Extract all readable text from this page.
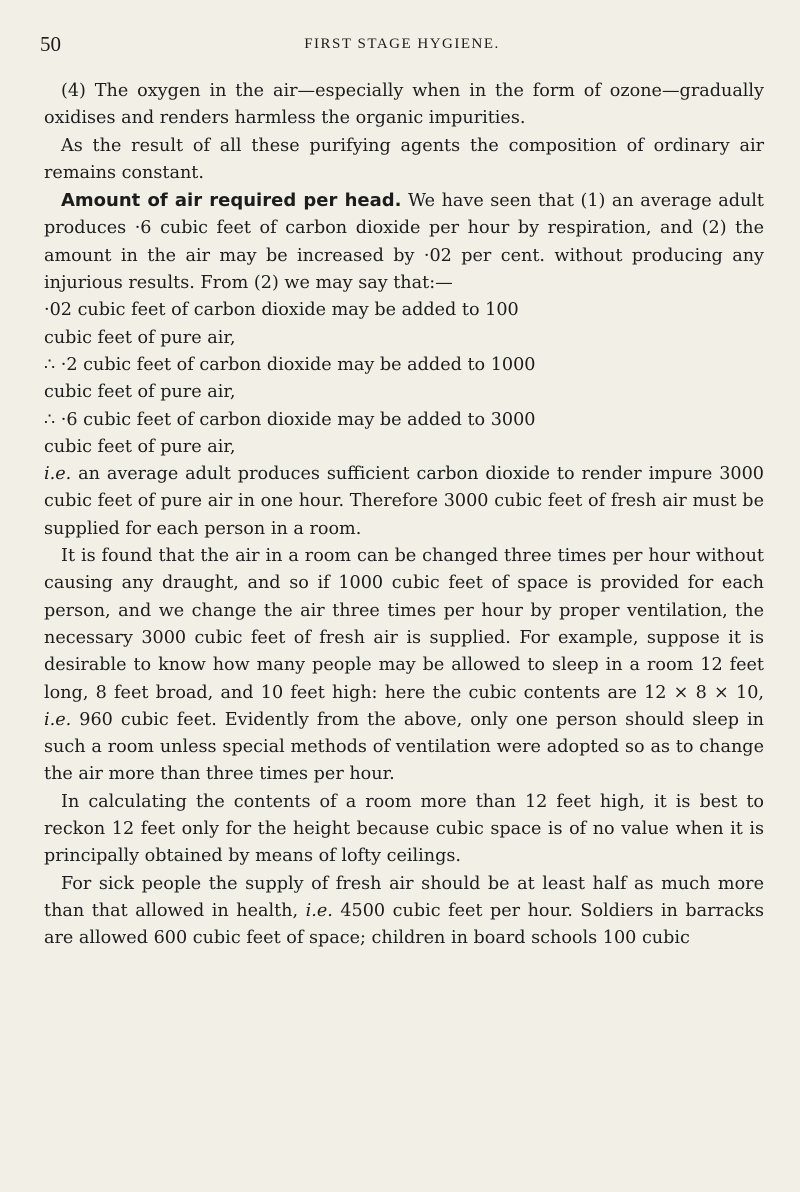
50	FIRST STAGE HYGIENE.

(4) The oxygen in the air—especially when in the form of ozone—gradually oxidises and renders harmless the organic impurities.

As the result of all these purifying agents the composition of ordinary air remains constant.

Amount of air required per head. We have seen that (1) an average adult produces ·6 cubic feet of carbon dioxide per hour by respiration, and (2) the amount in the air may be increased by ·02 per cent. without producing any injurious results. From (2) we may say that:—

·02 cubic feet of carbon dioxide may be added to 100
cubic feet of pure air,
∴ ·2 cubic feet of carbon dioxide may be added to 1000
cubic feet of pure air,
∴ ·6 cubic feet of carbon dioxide may be added to 3000
cubic feet of pure air,

i.e. an average adult produces sufficient carbon dioxide to render impure 3000 cubic feet of pure air in one hour. Therefore 3000 cubic feet of fresh air must be supplied for each person in a room.

It is found that the air in a room can be changed three times per hour without causing any draught, and so if 1000 cubic feet of space is provided for each person, and we change the air three times per hour by proper ventilation, the necessary 3000 cubic feet of fresh air is supplied. For example, suppose it is desirable to know how many people may be allowed to sleep in a room 12 feet long, 8 feet broad, and 10 feet high: here the cubic contents are 12 × 8 × 10, i.e. 960 cubic feet. Evidently from the above, only one person should sleep in such a room unless special methods of ventilation were adopted so as to change the air more than three times per hour.

In calculating the contents of a room more than 12 feet high, it is best to reckon 12 feet only for the height because cubic space is of no value when it is principally obtained by means of lofty ceilings.

For sick people the supply of fresh air should be at least half as much more than that allowed in health, i.e. 4500 cubic feet per hour. Soldiers in barracks are allowed 600 cubic feet of space; children in board schools 100 cubic
